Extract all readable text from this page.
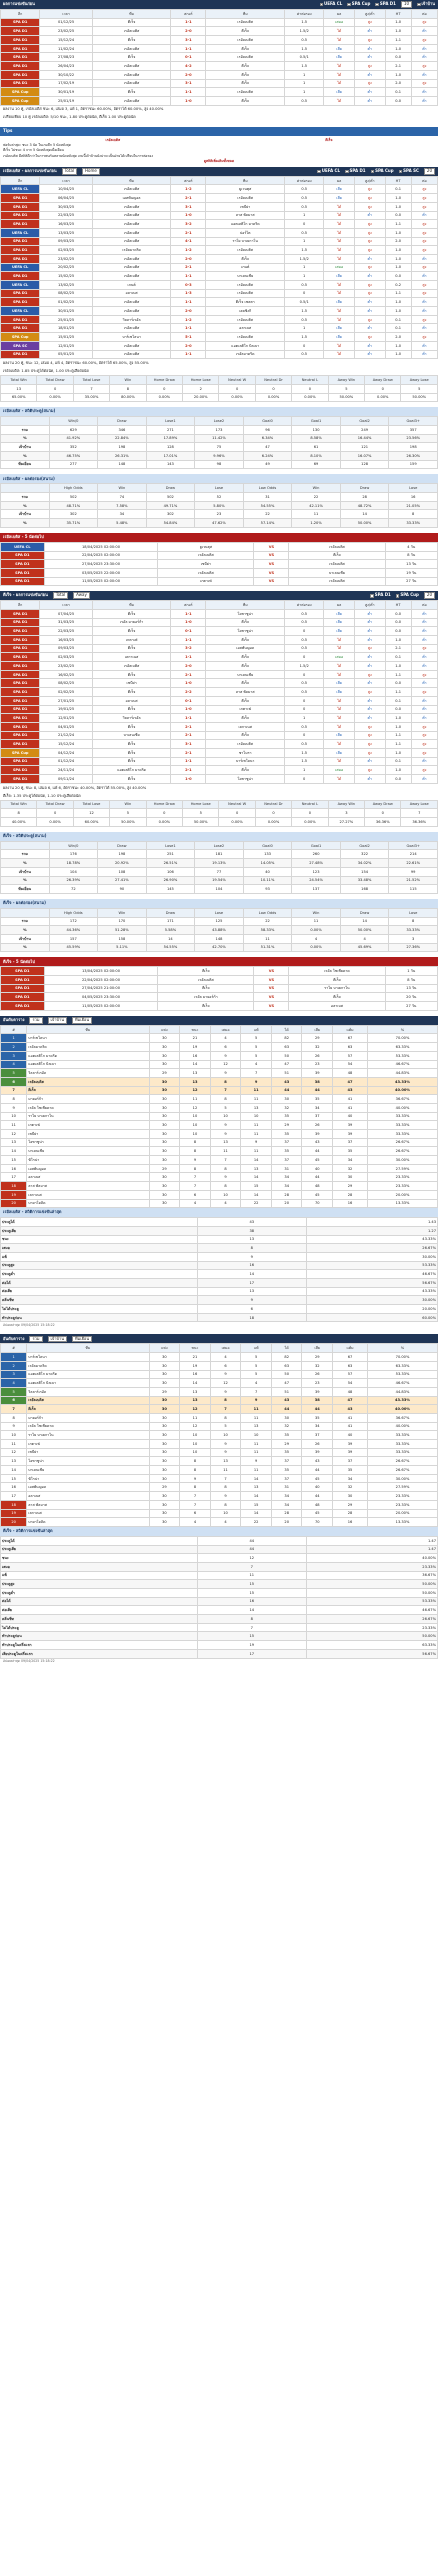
ผลการแข่งขันก่อน	UEFA CL SPA Cup SPA D1	10	เจ้าบ้าน
ลีก	เวลา	ทีม	สกอร์	ทีม	ค่าต่อรอง	ผล	สูง/ต่ำ	HT	ต่อ
SPA D1	01/12/25	ตีเร็จ	1-1	เรอัลเบติส	1.5	เสมอ	สูง	1-0	สูง
SPA D1	23/02/25	เรอัลเบติส	2-0	ตีเร็จ	1.5/2	ได้	ต่ำ	1-0	ต่ำ
SPA D1	15/12/24	ตีเร็จ	3-1	เรอัลเบติส	0.5	ได้	สูง	1-1	สูง
SPA D1	11/02/24	เรอัลเบติส	1-1	ตีเร็จ	1.5	เสีย	ต่ำ	1-0	ต่ำ
SPA D1	27/08/23	ตีเร็จ	0-1	เรอัลเบติส	0.5/1	เสีย	ต่ำ	0-0	ต่ำ
SPA D1	26/04/23	เรอัลเบติส	4-2	ตีเร็จ	1.5	ได้	สูง	2-1	สูง
SPA D1	30/10/22	เรอัลเบติส	2-0	ตีเร็จ	1	ได้	ต่ำ	1-0	ต่ำ
SPA D1	17/02/19	เรอัลเบติส	3-1	ตีเร็จ	1	ได้	สูง	2-0	สูง
SPA Cup	30/01/19	ตีเร็จ	1-1	เรอัลเบติส	1	เสีย	ต่ำ	0-1	ต่ำ
SPA Cup	25/01/19	เรอัลเบติส	1-0	ตีเร็จ	0.5	ได้	ต่ำ	0-0	ต่ำ
ผลงาน 10 คู่, เรอัลเบติส ชนะ 6, เสมอ 3, แพ้ 1, อัตราชนะ 60.00%, อัตราได้ 60.00%, สูง 40.00%
เปรียบเทียบ 10 คู่ เรอัลเบติส: 5/10 ชนะ, 1.80 ประตูต่อนัด, ตีเร็จ 1.00 ประตูต่อนัด
Tips
เรอัลเบติส	ตีเร็จ
ฟอร์มล่าสุด: ชนะ 3 นัด ในเกมลีก 5 นัดหลังสุด
ตีเร็จ ไม่ชนะ 4 จาก 5 นัดหลังสุดเมื่อเยือน
เรอัลเบติส มีสถิติดีกว่าในการพบกันหลายนัดหลังสุด เกมนี้เจ้าบ้านยังน่าจะเป็นฝ่ายได้เปรียบในการต่อรอง
ดูสถิติเพิ่มเติมทั้งหมด
เรอัลเบติส - ผลการแข่งขันก่อน	Total	Home	UEFA CL SPA D1 SPA Cup SPA SC	20
ลีก	เวลา	ทีม	สกอร์	ทีม	ค่าต่อรอง	ผล	สูง/ต่ำ	HT	ต่อ
UEFA CL	10/04/25	เรอัลเบติส	1-2	ยูเวนตุส	0.5	เสีย	สูง	0-1	สูง
SPA D1	06/04/25	เอสพันญอล	2-1	เรอัลเบติส	0.5	เสีย	สูง	1-0	สูง
SPA D1	30/03/25	เรอัลเบติส	3-1	เซบีย่า	0.5	ได้	สูง	1-0	สูง
SPA D1	22/03/25	เรอัลเบติส	1-0	ลาส พัลมาส	1	ได้	ต่ำ	0-0	ต่ำ
SPA D1	16/03/25	เรอัลเบติส	3-2	แอตเลติโก มาดริด	0	ได้	สูง	1-1	สูง
UEFA CL	13/03/25	เรอัลเบติส	2-1	ปอร์โต	0.5	ได้	สูง	1-0	สูง
SPA D1	09/03/25	เรอัลเบติส	4-1	ราโย บาเยกาโน	1	ได้	สูง	2-0	สูง
SPA D1	02/03/25	เรอัลมาดริด	1-2	เรอัลเบติส	1.5	ได้	สูง	1-0	สูง
SPA D1	23/02/25	เรอัลเบติส	2-0	ตีเร็จ	1.5/2	ได้	ต่ำ	1-0	ต่ำ
UEFA CL	20/02/25	เรอัลเบติส	2-1	เกนต์	1	เสมอ	สูง	1-0	สูง
SPA D1	15/02/25	เรอัลเบติส	1-1	บาเลนเซีย	1	เสีย	ต่ำ	0-0	ต่ำ
UEFA CL	13/02/25	เกนต์	0-3	เรอัลเบติส	0.5	ได้	สูง	0-2	สูง
SPA D1	08/02/25	อลาเบส	1-3	เรอัลเบติส	0	ได้	สูง	1-1	สูง
SPA D1	01/02/25	เรอัลเบติส	1-1	ตีเร็จ เซลตา	0.5/1	เสีย	ต่ำ	1-0	ต่ำ
UEFA CL	30/01/25	เรอัลเบติส	2-0	เฮลซิงกิ	1.5	ได้	ต่ำ	1-0	ต่ำ
SPA D1	25/01/25	วิลลาร์เรอัล	1-2	เรอัลเบติส	0.5	ได้	สูง	0-1	สูง
SPA D1	18/01/25	เรอัลเบติส	1-1	อลาเบส	1	เสีย	ต่ำ	0-1	ต่ำ
SPA Cup	15/01/25	บาร์เซโลนา	5-1	เรอัลเบติส	1.5	เสีย	สูง	2-0	สูง
SPA SC	12/01/25	เรอัลเบติส	2-0	แอตเลติโก บิลเบา	0	ได้	ต่ำ	1-0	ต่ำ
SPA D1	05/01/25	เรอัลเบติส	1-1	เรอัลมาดริด	0.5	ได้	ต่ำ	1-0	ต่ำ
ผลงาน 20 คู่, ชนะ 12, เสมอ 4, แพ้ 4, อัตราชนะ 60.00%, อัตราได้ 65.00%, สูง 55.00%
เรอัลเบติส: 1.85 ประตูได้ต่อนัด, 1.00 ประตูเสียต่อนัด
Total Win	Total Draw	Total Lose	Win	Home Draw	Home Lose	Neutral W	Neutral Dr	Neutral L	Away Win	Away Draw	Away Lose
13	0	7	8	0	2	0	0	0	5	0	5
65.00%	0.00%	35.00%	80.00%	0.00%	20.00%	0.00%	0.00%	0.00%	50.00%	0.00%	50.00%
เรอัลเบติส - สถิติประตู(สนาม)
	Win/0	Draw	Lose1	Lose2	Goal0	Goal1	Goal2	Goal3+
รวม	629	346	271	173	96	130	249	357
%	41.92%	22.84%	17.89%	11.42%	6.34%	8.58%	16.44%	23.56%
เจ้าบ้าน	352	198	128	75	47	61	121	198
%	46.75%	26.31%	17.01%	9.96%	6.24%	8.10%	16.07%	26.30%
ทีมเยือน	277	148	143	98	49	69	128	159
เรอัลเบติส - ผลต่อรอง(สนาม)
	High Odds	Win	Draw	Lose	Low Odds	Win	Draw	Lose
รวม	502	74	502	52	31	22	28	16
%	48.71%	7.58%	49.71%	5.80%	54.55%	42.11%	48.72%	21.05%
เจ้าบ้าน	302	34	302	23	22	11	14	8
%	35.71%	5.48%	54.84%	47.62%	57.14%	1.20%	50.00%	33.33%
เรอัลเบติส - 5 นัดต่อไป
UEFA CL	18/04/2025 02:00:00	ยูเวนตุส	VS	เรอัลเบติส	4 วัน
SPA D1	22/04/2025 02:00:00	เรอัลเบติส	VS	ตีเร็จ	8 วัน
SPA D1	27/04/2025 23:30:00	เซบีย่า	VS	เรอัลเบติส	13 วัน
SPA D1	03/05/2025 22:00:00	เรอัลเบติส	VS	บาเลนเซีย	19 วัน
SPA D1	11/05/2025 02:00:00	เกตาเฟ่	VS	เรอัลเบติส	27 วัน
ตีเร็จ - ผลการแข่งขันก่อน	Total	Away	SPA D1 SPA Cup	20
ลีก	เวลา	ทีม	สกอร์	ทีม	ค่าต่อรอง	ผล	สูง/ต่ำ	HT	ต่อ
SPA D1	07/04/25	ตีเร็จ	1-1	โอซาซูน่า	0.5	เสีย	ต่ำ	0-0	ต่ำ
SPA D1	31/03/25	เรอัล มายอร์ก้า	1-0	ตีเร็จ	0.5	เสีย	ต่ำ	0-0	ต่ำ
SPA D1	22/03/25	ตีเร็จ	0-1	โอซาซูน่า	0	เสีย	ต่ำ	0-0	ต่ำ
SPA D1	16/03/25	เกตาเฟ่	1-1	ตีเร็จ	0.5	ได้	ต่ำ	1-0	ต่ำ
SPA D1	09/03/25	ตีเร็จ	3-2	เอสพันญอล	0.5	ได้	สูง	2-1	สูง
SPA D1	02/03/25	เลกาเนส	1-1	ตีเร็จ	0	เสมอ	ต่ำ	0-1	ต่ำ
SPA D1	23/02/25	เรอัลเบติส	2-0	ตีเร็จ	1.5/2	ได้	ต่ำ	1-0	ต่ำ
SPA D1	16/02/25	ตีเร็จ	2-1	บาเลนเซีย	0	ได้	สูง	1-1	สูง
SPA D1	08/02/25	เซบีย่า	1-0	ตีเร็จ	0.5	เสีย	ต่ำ	0-0	ต่ำ
SPA D1	02/02/25	ตีเร็จ	2-2	ลาส พัลมาส	0.5	เสีย	สูง	1-1	สูง
SPA D1	27/01/25	อลาเบส	0-1	ตีเร็จ	0	ได้	ต่ำ	0-1	ต่ำ
SPA D1	19/01/25	ตีเร็จ	1-0	เกตาเฟ่	0	ได้	ต่ำ	0-0	ต่ำ
SPA D1	12/01/25	วิลลาร์เรอัล	1-1	ตีเร็จ	1	ได้	ต่ำ	1-0	ต่ำ
SPA D1	04/01/25	ตีเร็จ	2-1	เลกาเนส	0.5	ได้	สูง	1-0	สูง
SPA D1	21/12/24	บาเลนเซีย	2-1	ตีเร็จ	0	เสีย	สูง	1-1	สูง
SPA D1	15/12/24	ตีเร็จ	3-1	เรอัลเบติส	0.5	ได้	สูง	1-1	สูง
SPA Cup	04/12/24	ตีเร็จ	2-1	ซาโมรา	1.5	เสีย	สูง	1-0	สูง
SPA D1	01/12/24	ตีเร็จ	1-1	บาร์เซโลนา	1.5	ได้	ต่ำ	0-1	ต่ำ
SPA D1	24/11/24	แอตเลติโก มาดริด	2-1	ตีเร็จ	1	เสมอ	สูง	1-0	สูง
SPA D1	09/11/24	ตีเร็จ	1-0	โอซาซูน่า	0	ได้	ต่ำ	0-0	ต่ำ
ผลงาน 20 คู่, ชนะ 8, เสมอ 6, แพ้ 6, อัตราชนะ 40.00%, อัตราได้ 55.00%, สูง 40.00%
ตีเร็จ: 1.35 ประตูได้ต่อนัด, 1.10 ประตูเสียต่อนัด
Total Win	Total Draw	Total Lose	Win	Home Draw	Home Lose	Neutral W	Neutral Dr	Neutral L	Away Win	Away Draw	Away Lose
8	0	12	5	0	5	0	0	0	3	0	7
40.00%	0.00%	60.00%	50.00%	0.00%	50.00%	0.00%	0.00%	0.00%	27.27%	36.36%	36.36%
ตีเร็จ - สถิติประตู(สนาม)
	Win/0	Draw	Lose1	Lose2	Goal0	Goal1	Goal2	Goal3+
รวม	176	198	251	181	133	260	322	214
%	18.78%	20.92%	26.51%	19.13%	14.05%	27.48%	34.02%	22.61%
เจ้าบ้าน	104	108	106	77	40	123	154	99
%	26.39%	27.41%	26.90%	19.54%	10.11%	24.54%	33.48%	21.52%
ทีมเยือน	72	90	145	104	93	137	168	115
ตีเร็จ - ผลต่อรอง(สนาม)
	High Odds	Win	Draw	Lose	Low Odds	Win	Draw	Lose
รวม	172	170	171	125	22	11	14	8
%	44.36%	51.28%	5.58%	43.88%	58.33%	0.00%	50.00%	33.33%
เจ้าบ้าน	157	158	14	148	11	4	4	3
%	45.59%	5.11%	54.55%	42.70%	51.31%	0.00%	45.69%	27.36%
ตีเร็จ - 5 นัดต่อไป
SPA D1	13/04/2025 02:00:00	ตีเร็จ	VS	เรอัล โซเซียดาด	1 วัน
SPA D1	22/04/2025 02:00:00	เรอัลเบติส	VS	ตีเร็จ	8 วัน
SPA D1	27/04/2025 21:00:00	ตีเร็จ	VS	ราโย บาเยกาโน	13 วัน
SPA D1	04/05/2025 23:30:00	เรอัล มายอร์ก้า	VS	ตีเร็จ	20 วัน
SPA D1	11/05/2025 02:00:00	ตีเร็จ	VS	อลาเบส	27 วัน
อันดับตาราง	รวม	เจ้าบ้าน	ทีมเยือน
#	ทีม	แข่ง	ชนะ	เสมอ	แพ้	ได้	เสีย	แต้ม	%
1	บาร์เซโลนา	30	21	4	5	82	29	67	70.00%
2	เรอัลมาดริด	30	19	6	5	63	32	63	63.33%
3	แอตเลติโก มาดริด	30	16	9	5	50	26	57	53.33%
4	แอตเลติโก บิลเบา	30	14	12	4	47	23	54	46.67%
5	วิลลาร์เรอัล	29	13	9	7	51	39	48	44.83%
6	เรอัลเบติส	30	13	8	9	43	38	47	43.33%
7	ตีเร็จ	30	12	7	11	44	44	43	40.00%
8	มายอร์ก้า	30	11	8	11	30	35	41	36.67%
9	เรอัล โซเซียดาด	30	12	5	13	32	34	41	40.00%
10	ราโย บาเยกาโน	30	10	10	10	35	37	40	33.33%
11	เกตาเฟ่	30	10	9	11	29	26	39	33.33%
12	เซบีย่า	30	10	9	11	35	39	39	33.33%
13	โอซาซูน่า	30	8	13	9	37	43	37	26.67%
14	บาเลนเซีย	30	8	11	11	35	44	35	26.67%
15	ฆิโรน่า	30	9	7	14	37	45	34	30.00%
16	เอสพันญอล	29	8	8	13	31	40	32	27.59%
17	อลาเบส	30	7	9	14	34	44	30	23.33%
18	ลาส พัลมาส	30	7	8	15	34	48	29	23.33%
19	เลกาเนส	30	6	10	14	28	45	28	20.00%
20	บายาโดลิด	30	4	4	22	20	70	16	13.33%
เรอัลเบติส - สถิติการแข่งขันล่าสุด
ประตูได้	43	1.43
ประตูเสีย	38	1.27
ชนะ	13	43.33%
เสมอ	8	26.67%
แพ้	9	30.00%
ประตูสูง	16	53.33%
ประตูต่ำ	14	46.67%
ต่อได้	17	56.67%
ต่อเสีย	13	43.33%
คลีนชีท	9	30.00%
ไม่ได้ประตู	6	20.00%
ทำประตูก่อน	18	60.00%
อัปเดตล่าสุด 09/04/2025 15:18:22
อันดับตาราง	รวม	เจ้าบ้าน	ทีมเยือน
#	ทีม	แข่ง	ชนะ	เสมอ	แพ้	ได้	เสีย	แต้ม	%
1	บาร์เซโลนา	30	21	4	5	82	29	67	70.00%
2	เรอัลมาดริด	30	19	6	5	63	32	63	63.33%
3	แอตเลติโก มาดริด	30	16	9	5	50	26	57	53.33%
4	แอตเลติโก บิลเบา	30	14	12	4	47	23	54	46.67%
5	วิลลาร์เรอัล	29	13	9	7	51	39	48	44.83%
6	เรอัลเบติส	30	13	8	9	43	38	47	43.33%
7	ตีเร็จ	30	12	7	11	44	44	43	40.00%
8	มายอร์ก้า	30	11	8	11	30	35	41	36.67%
9	เรอัล โซเซียดาด	30	12	5	13	32	34	41	40.00%
10	ราโย บาเยกาโน	30	10	10	10	35	37	40	33.33%
11	เกตาเฟ่	30	10	9	11	29	26	39	33.33%
12	เซบีย่า	30	10	9	11	35	39	39	33.33%
13	โอซาซูน่า	30	8	13	9	37	43	37	26.67%
14	บาเลนเซีย	30	8	11	11	35	44	35	26.67%
15	ฆิโรน่า	30	9	7	14	37	45	34	30.00%
16	เอสพันญอล	29	8	8	13	31	40	32	27.59%
17	อลาเบส	30	7	9	14	34	44	30	23.33%
18	ลาส พัลมาส	30	7	8	15	34	48	29	23.33%
19	เลกาเนส	30	6	10	14	28	45	28	20.00%
20	บายาโดลิด	30	4	4	22	20	70	16	13.33%
ตีเร็จ - สถิติการแข่งขันล่าสุด
ประตูได้	44	1.47
ประตูเสีย	44	1.47
ชนะ	12	40.00%
เสมอ	7	23.33%
แพ้	11	36.67%
ประตูสูง	15	50.00%
ประตูต่ำ	15	50.00%
ต่อได้	16	53.33%
ต่อเสีย	14	46.67%
คลีนชีท	8	26.67%
ไม่ได้ประตู	7	23.33%
ทำประตูก่อน	15	50.00%
ทำประตูในครึ่งแรก	19	63.33%
เสียประตูในครึ่งแรก	17	56.67%
อัปเดตล่าสุด 09/04/2025 15:18:22
